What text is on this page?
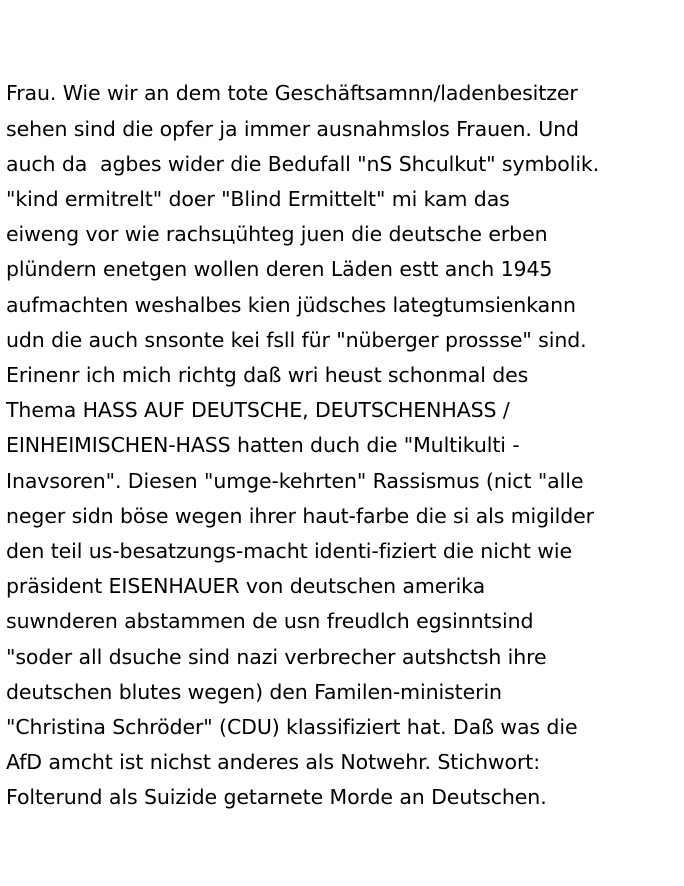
Frau. Wie wir an dem tote Geschäftsamnn/ladenbesitzer
sehen sind die opfer ja immer ausnahmslos Frauen. Und
auch da  agbes wider die Bedufall "nS Shculkut" symbolik.
"kind ermitrelt" doer "Blind Ermittelt" mi kam das
eiweng vor wie rachsцühteg juen die deutsche erben
plündern enetgen wollen deren Läden estt anch 1945
aufmachten weshalbes kien jüdsches lategtumsienkann
udn die auch snsonte kei fsll für "nüberger prossse" sind.
Erinenr ich mich richtg daß wri heust schonmal des
Thema HASS AUF DEUTSCHE, DEUTSCHENHASS /
EINHEIMISCHEN-HASS hatten duch die "Multikulti -
Inavsoren". Diesen "umge-kehrten" Rassismus (nict "alle
neger sidn böse wegen ihrer haut-farbe die si als migilder
den teil us-besatzungs-macht identi-fiziert die nicht wie
präsident EISENHAUER von deutschen amerika
suwnderen abstammen de usn freudlch egsinntsind
"soder all dsuche sind nazi verbrecher autshctsh ihre
deutschen blutes wegen) den Familen-ministerin
"Christina Schröder" (CDU) klassifiziert hat. Daß was die
AfD amcht ist nichst anderes als Notwehr. Stichwort:
Folterund als Suizide getarnete Morde an Deutschen.
